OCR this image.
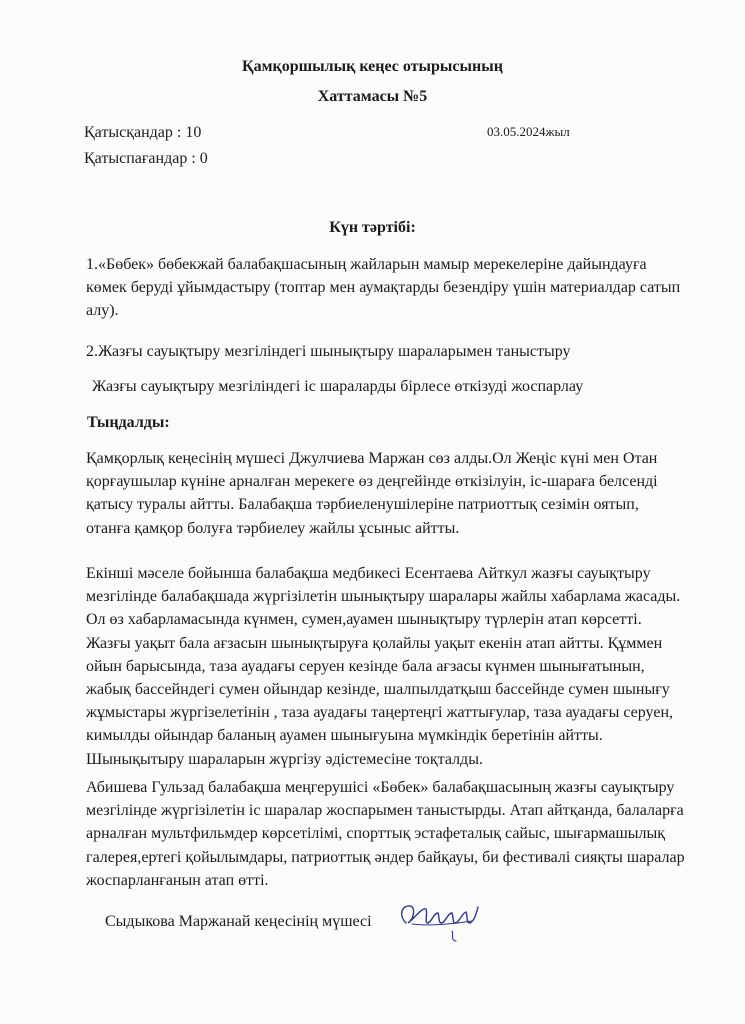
Қамқоршылық кеңес отырысының
Хаттамасы №5
Қатысқандар : 10
Қатыспағандар : 0
03.05.2024жыл
Күн тәртібі:

1.«Бөбек» бөбекжай балабақшасының жайларын мамыр мерекелеріне дайындауға көмек беруді ұйымдастыру (топтар мен аумақтарды безендіру үшін материалдар сатып алу).

2.Жазғы сауықтыру мезгіліндегі шынықтыру шараларымен таныстыру

Жазғы сауықтыру мезгіліндегі іс шараларды бірлесе өткізуді жоспарлау

Тыңдалды:

Қамқорлық кеңесінің мүшесі Джулчиева Маржан сөз алды.Ол Жеңіс күні мен Отан қорғаушылар күніне арналған мерекеге өз деңгейінде өткізілуін, іс-шараға белсенді қатысу туралы айтты. Балабақша тәрбиеленушілеріне патриоттық сезімін оятып, отанға қамқор болуға тәрбиелеу жайлы ұсыныс айтты.

Екінші мәселе бойынша балабақша медбикесі Есентаева Айткул жазғы сауықтыру мезгілінде балабақшада жүргізілетін шынықтыру шаралары жайлы хабарлама жасады. Ол өз хабарламасында күнмен, сумен,ауамен шынықтыру түрлерін атап көрсетті. Жазғы уақыт бала ағзасын шынықтыруға қолайлы уақыт екенін атап айтты. Құммен ойын барысында, таза ауадағы серуен кезінде бала ағзасы күнмен шынығатынын, жабық бассейндегі сумен ойындар кезінде, шалпылдатқыш бассейнде сумен шынығу жұмыстары жүргізелетінін , таза ауадағы таңертеңгі жаттығулар, таза ауадағы серуен, кимылды ойындар баланың ауамен шынығуына мүмкіндік беретінін айтты. Шынықытыру шараларын жүргізу әдістемесіне тоқталды.

Абишева Гульзад балабақша меңгерушісі «Бөбек» балабақшасының жазғы сауықтыру мезгілінде жүргізілетін іс шаралар жоспарымен таныстырды. Атап айтқанда, балаларға арналған мультфильмдер көрсетілімі, спорттық эстафеталық сайыс, шығармашылық галерея,ертегі қойылымдары, патриоттық әндер байқауы, би фестивалі сияқты шаралар жоспарланғанын атап өтті.

Сыдыкова Маржанай кеңесінің мүшесі
